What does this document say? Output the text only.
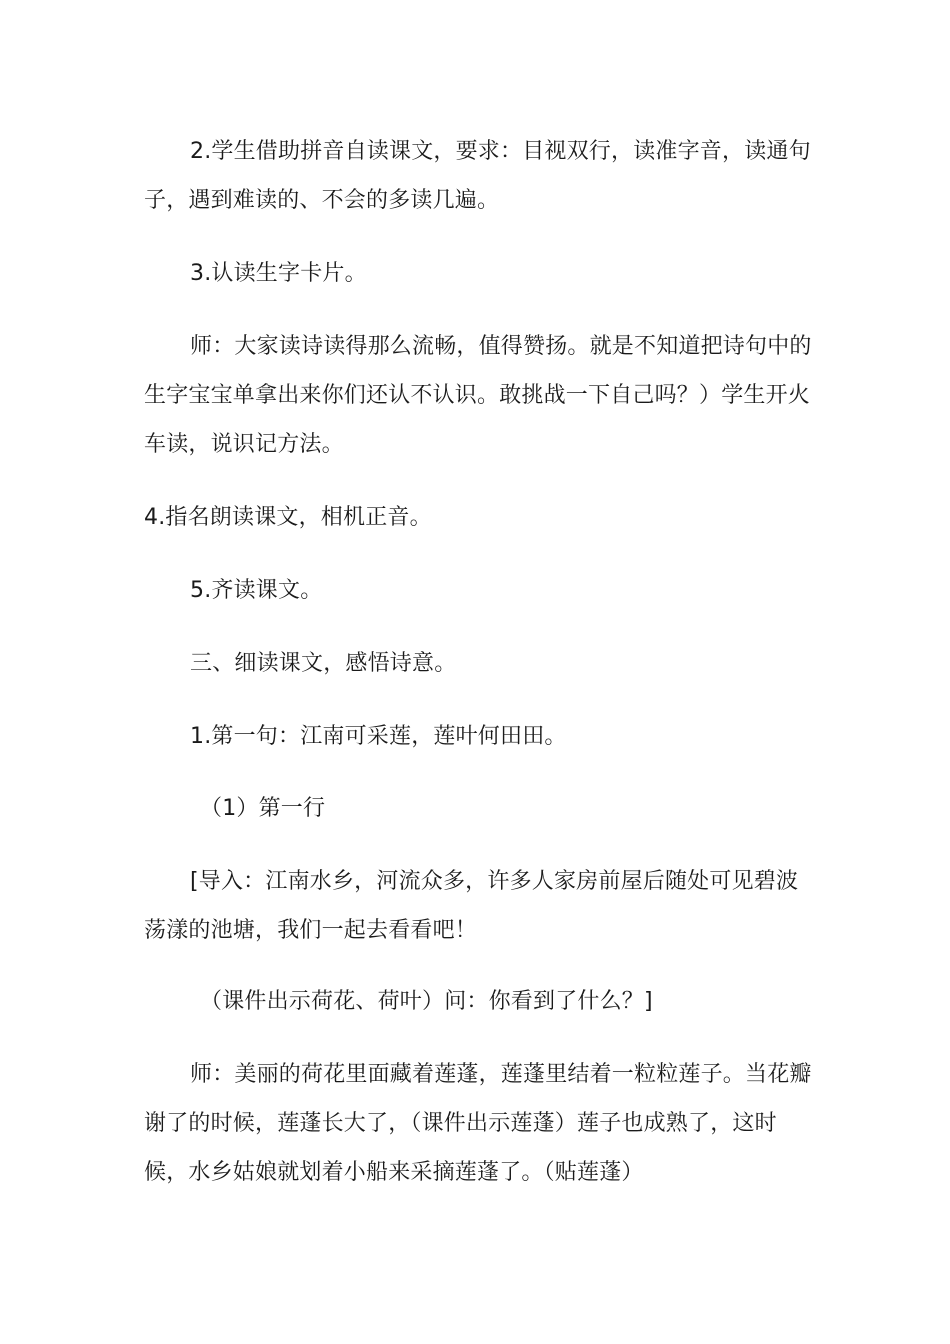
2.学生借助拼音自读课文，要求：目视双行，读准字音，读通句子，遇到难读的、不会的多读几遍。

3.认读生字卡片。

师：大家读诗读得那么流畅，值得赞扬。就是不知道把诗句中的生字宝宝单拿出来你们还认不认识。敢挑战一下自己吗？）学生开火车读，说识记方法。

4.指名朗读课文，相机正音。

5.齐读课文。

三、细读课文，感悟诗意。

1.第一句：江南可采莲，莲叶何田田。

（1）第一行

[导入：江南水乡，河流众多，许多人家房前屋后随处可见碧波荡漾的池塘，我们一起去看看吧！

（课件出示荷花、荷叶）问：你看到了什么？]

师：美丽的荷花里面藏着莲蓬，莲蓬里结着一粒粒莲子。当花瓣谢了的时候，莲蓬长大了，（课件出示莲蓬）莲子也成熟了，这时候，水乡姑娘就划着小船来采摘莲蓬了。（贴莲蓬）
